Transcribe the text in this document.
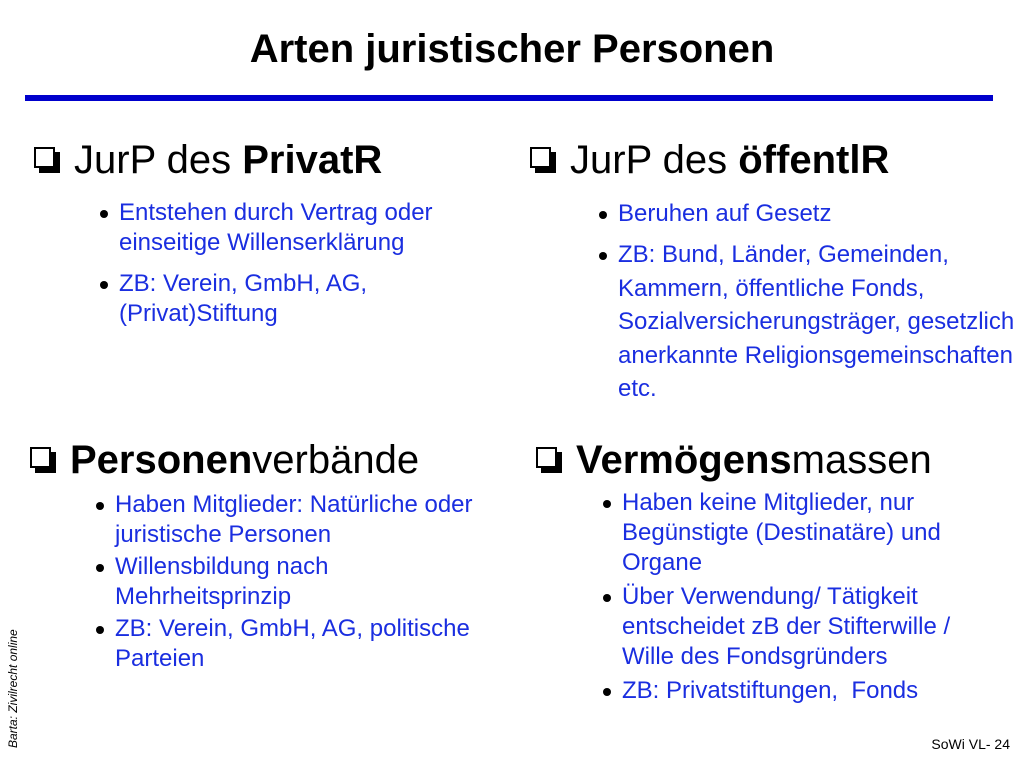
Arten juristischer Personen
JurP des PrivatR
Entstehen durch Vertrag oder einseitige Willenserklärung
ZB: Verein, GmbH, AG, (Privat)Stiftung
JurP des öffentlR
Beruhen auf Gesetz
ZB: Bund, Länder, Gemeinden, Kammern, öffentliche Fonds, Sozialversicherungsträger, gesetzlich anerkannte Religionsgemeinschaften etc.
Personen verbände
Haben Mitglieder: Natürliche oder juristische Personen
Willensbildung nach Mehrheitsprinzip
ZB: Verein, GmbH, AG, politische Parteien
Vermögens massen
Haben keine Mitglieder, nur Begünstigte (Destinatäre) und Organe
Über Verwendung/ Tätigkeit entscheidet zB der Stifterwille / Wille des Fondsgründers
ZB: Privatstiftungen,  Fonds
Barta: Zivilrecht online	SoWi VL- 24
